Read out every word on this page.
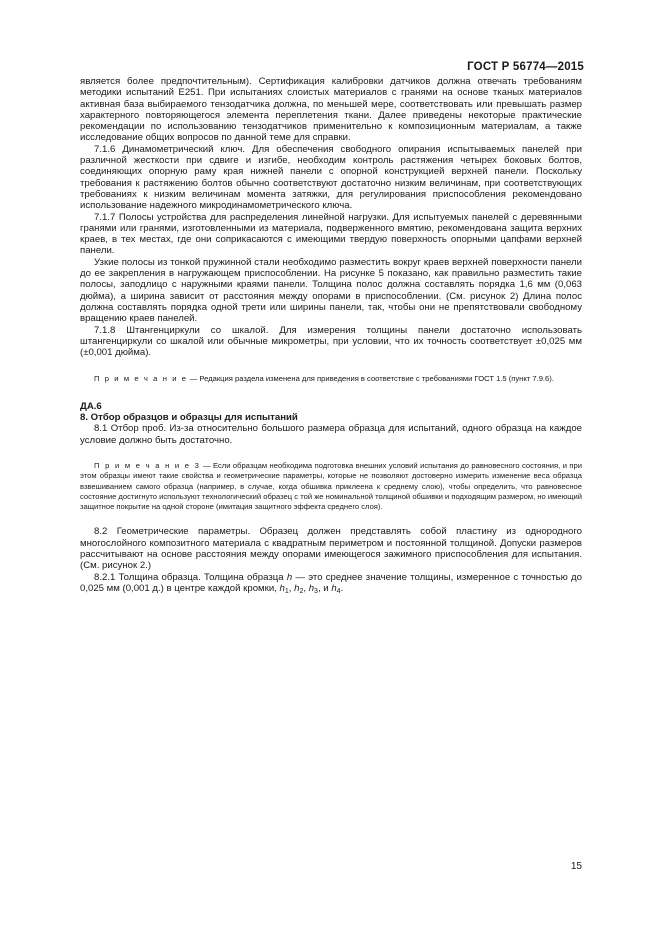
ГОСТ Р 56774—2015

является более предпочтительным). Сертификация калибровки датчиков должна отвечать требованиям методики испытаний Е251. При испытаниях слоистых материалов с гранями на основе тканых материалов активная база выбираемого тензодатчика должна, по меньшей мере, соответствовать или превышать размер характерного повторяющегося элемента переплетения ткани. Далее приведены некоторые практические рекомендации по использованию тензодатчиков применительно к композиционным материалам, а также исследование общих вопросов по данной теме для справки.

7.1.6 Динамометрический ключ. Для обеспечения свободного опирания испытываемых панелей при различной жесткости при сдвиге и изгибе, необходим контроль растяжения четырех боковых болтов, соединяющих опорную раму края нижней панели с опорной конструкцией верхней панели. Поскольку требования к растяжению болтов обычно соответствуют достаточно низким величинам, при соответствующих требованиях к низким величинам момента затяжки, для регулирования приспособления рекомендовано использование надежного микродинамометрического ключа.

7.1.7 Полосы устройства для распределения линейной нагрузки. Для испытуемых панелей с деревянными гранями или гранями, изготовленными из материала, подверженного вмятию, рекомендована защита верхних краев, в тех местах, где они соприкасаются с имеющими твердую поверхность опорными цапфами верхней панели.

Узкие полосы из тонкой пружинной стали необходимо разместить вокруг краев верхней поверхности панели до ее закрепления в нагружающем приспособлении. На рисунке 5 показано, как правильно разместить такие полосы, заподлицо с наружными краями панели. Толщина полос должна составлять порядка 1,6 мм (0,063 дюйма), а ширина зависит от расстояния между опорами в приспособлении. (См. рисунок 2) Длина полос должна составлять порядка одной трети или ширины панели, так, чтобы они не препятствовали свободному вращению краев панелей.

7.1.8 Штангенциркули со шкалой. Для измерения толщины панели достаточно использовать штангенциркули со шкалой или обычные микрометры, при условии, что их точность соответствует ±0,025 мм (±0,001 дюйма).

П р и м е ч а н и е — Редакция раздела изменена для приведения в соответствие с требованиями ГОСТ 1.5 (пункт 7.9.6).

ДА.6

8. Отбор образцов и образцы для испытаний

8.1 Отбор проб. Из-за относительно большого размера образца для испытаний, одного образца на каждое условие должно быть достаточно.

П р и м е ч а н и е 3 — Если образцам необходима подготовка внешних условий испытания до равновесного состояния, и при этом образцы имеют такие свойства и геометрические параметры, которые не позволяют достоверно измерить изменение веса образца взвешиванием самого образца (например, в случае, когда обшивка приклеена к среднему слою), чтобы определить, что равновесное состояние достигнуто используют технологический образец с той же номинальной толщиной обшивки и подходящим размером, но имеющий защитное покрытие на одной стороне (имитация защитного эффекта среднего слоя).

8.2 Геометрические параметры. Образец должен представлять собой пластину из однородного многослойного композитного материала с квадратным периметром и постоянной толщиной. Допуски размеров рассчитывают на основе расстояния между опорами имеющегося зажимного приспособления для испытания. (См. рисунок 2.)

8.2.1 Толщина образца. Толщина образца h — это среднее значение толщины, измеренное с точностью до 0,025 мм (0,001 д.) в центре каждой кромки, $h_1$, $h_2$, $h_3$, и $h_4$.

15
